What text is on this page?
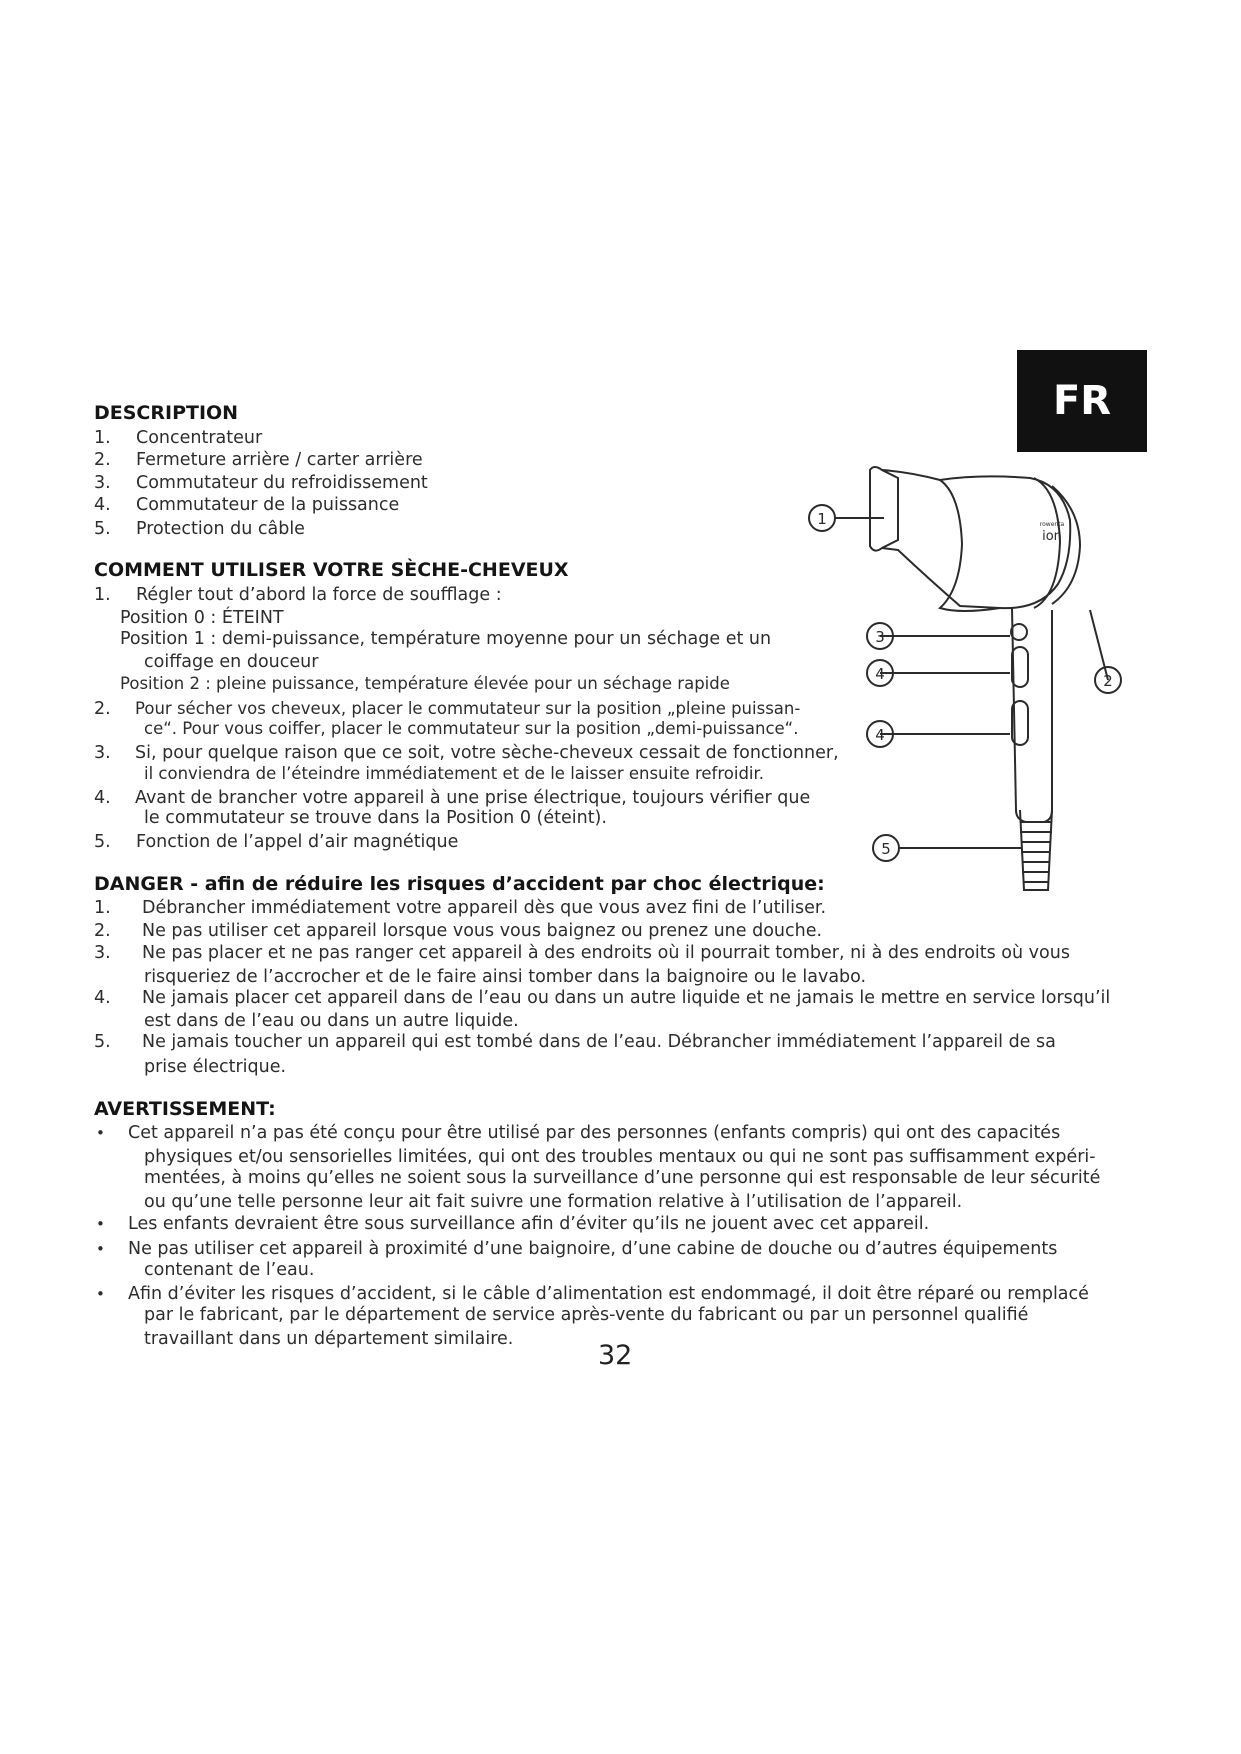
FR
DESCRIPTION
1. Concentrateur
2. Fermeture arrière / carter arrière
3. Commutateur du refroidissement
4. Commutateur de la puissance
5. Protection du câble
COMMENT UTILISER VOTRE SÈCHE-CHEVEUX
1. Régler tout d’abord la force de soufflage :
Position 0 : ÉTEINT
Position 1 : demi-puissance, température moyenne pour un séchage et un
coiffage en douceur
Position 2 : pleine puissance, température élevée pour un séchage rapide
2. Pour sécher vos cheveux, placer le commutateur sur la position „pleine puissan-
ce“. Pour vous coiffer, placer le commutateur sur la position „demi-puissance“.
3. Si, pour quelque raison que ce soit, votre sèche-cheveux cessait de fonctionner,
il conviendra de l’éteindre immédiatement et de le laisser ensuite refroidir.
4. Avant de brancher votre appareil à une prise électrique, toujours vérifier que
le commutateur se trouve dans la Position 0 (éteint).
5. Fonction de l’appel d’air magnétique
DANGER - afin de réduire les risques d’accident par choc électrique:
1. Débrancher immédiatement votre appareil dès que vous avez fini de l’utiliser.
2. Ne pas utiliser cet appareil lorsque vous vous baignez ou prenez une douche.
3. Ne pas placer et ne pas ranger cet appareil à des endroits où il pourrait tomber, ni à des endroits où vous
risqueriez de l’accrocher et de le faire ainsi tomber dans la baignoire ou le lavabo.
4. Ne jamais placer cet appareil dans de l’eau ou dans un autre liquide et ne jamais le mettre en service lorsqu’il
est dans de l’eau ou dans un autre liquide.
5. Ne jamais toucher un appareil qui est tombé dans de l’eau. Débrancher immédiatement l’appareil de sa
prise électrique.
AVERTISSEMENT:
• Cet appareil n’a pas été conçu pour être utilisé par des personnes (enfants compris) qui ont des capacités
physiques et/ou sensorielles limitées, qui ont des troubles mentaux ou qui ne sont pas suffisamment expéri-
mentées, à moins qu’elles ne soient sous la surveillance d’une personne qui est responsable de leur sécurité
ou qu’une telle personne leur ait fait suivre une formation relative à l’utilisation de l’appareil.
• Les enfants devraient être sous surveillance afin d’éviter qu’ils ne jouent avec cet appareil.
• Ne pas utiliser cet appareil à proximité d’une baignoire, d’une cabine de douche ou d’autres équipements
contenant de l’eau.
• Afin d’éviter les risques d’accident, si le câble d’alimentation est endommagé, il doit être réparé ou remplacé
par le fabricant, par le département de service après-vente du fabricant ou par un personnel qualifié
travaillant dans un département similaire.
32
1
2
3
4
4
5
rowenta
ion
